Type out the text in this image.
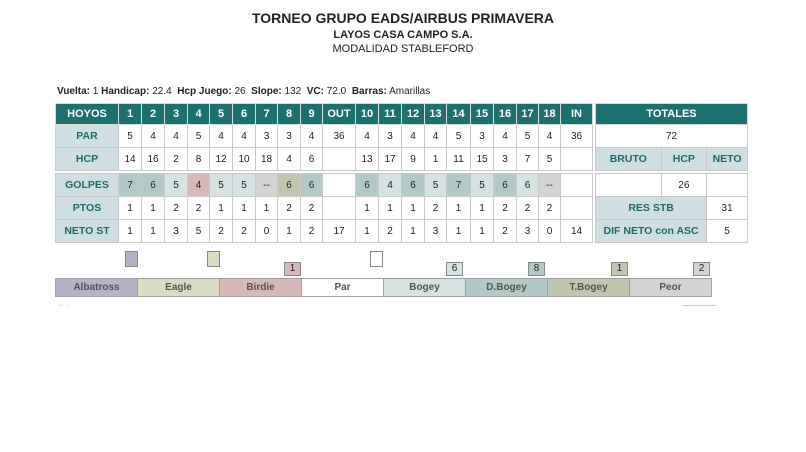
TORNEO GRUPO EADS/AIRBUS PRIMAVERA
LAYOS CASA CAMPO S.A.
MODALIDAD STABLEFORD
Vuelta: 1 Handicap: 22.4 Hcp Juego: 26 Slope: 132 VC: 72.0 Barras: Amarillas
HOYOS	1	2	3	4	5	6	7	8	9	OUT	10	11	12	13	14	15	16	17	18	IN
PAR	5	4	4	5	4	4	3	3	4	36	4	3	4	4	5	3	4	5	4	36
HCP	14	16	2	8	12	10	18	4	6		13	17	9	1	11	15	3	7	5	

GOLPES	7	6	5	4	5	5	--	6	6		6	4	6	5	7	5	6	6	--	
PTOS	1	1	2	2	1	1	1	2	2		1	1	1	2	1	1	2	2	2	
NETO ST	1	1	3	5	2	2	0	1	2	17	1	2	1	3	1	1	2	3	0	14
TOTALES		
72		
BRUTO	HCP	NETO

	26	
RES STB		31
DIF NETO con ASC		5
1	6	8	1	2
Albatross	Eagle	Birdie	Par	Bogey	D.Bogey	T.Bogey	Peor
··· ·
